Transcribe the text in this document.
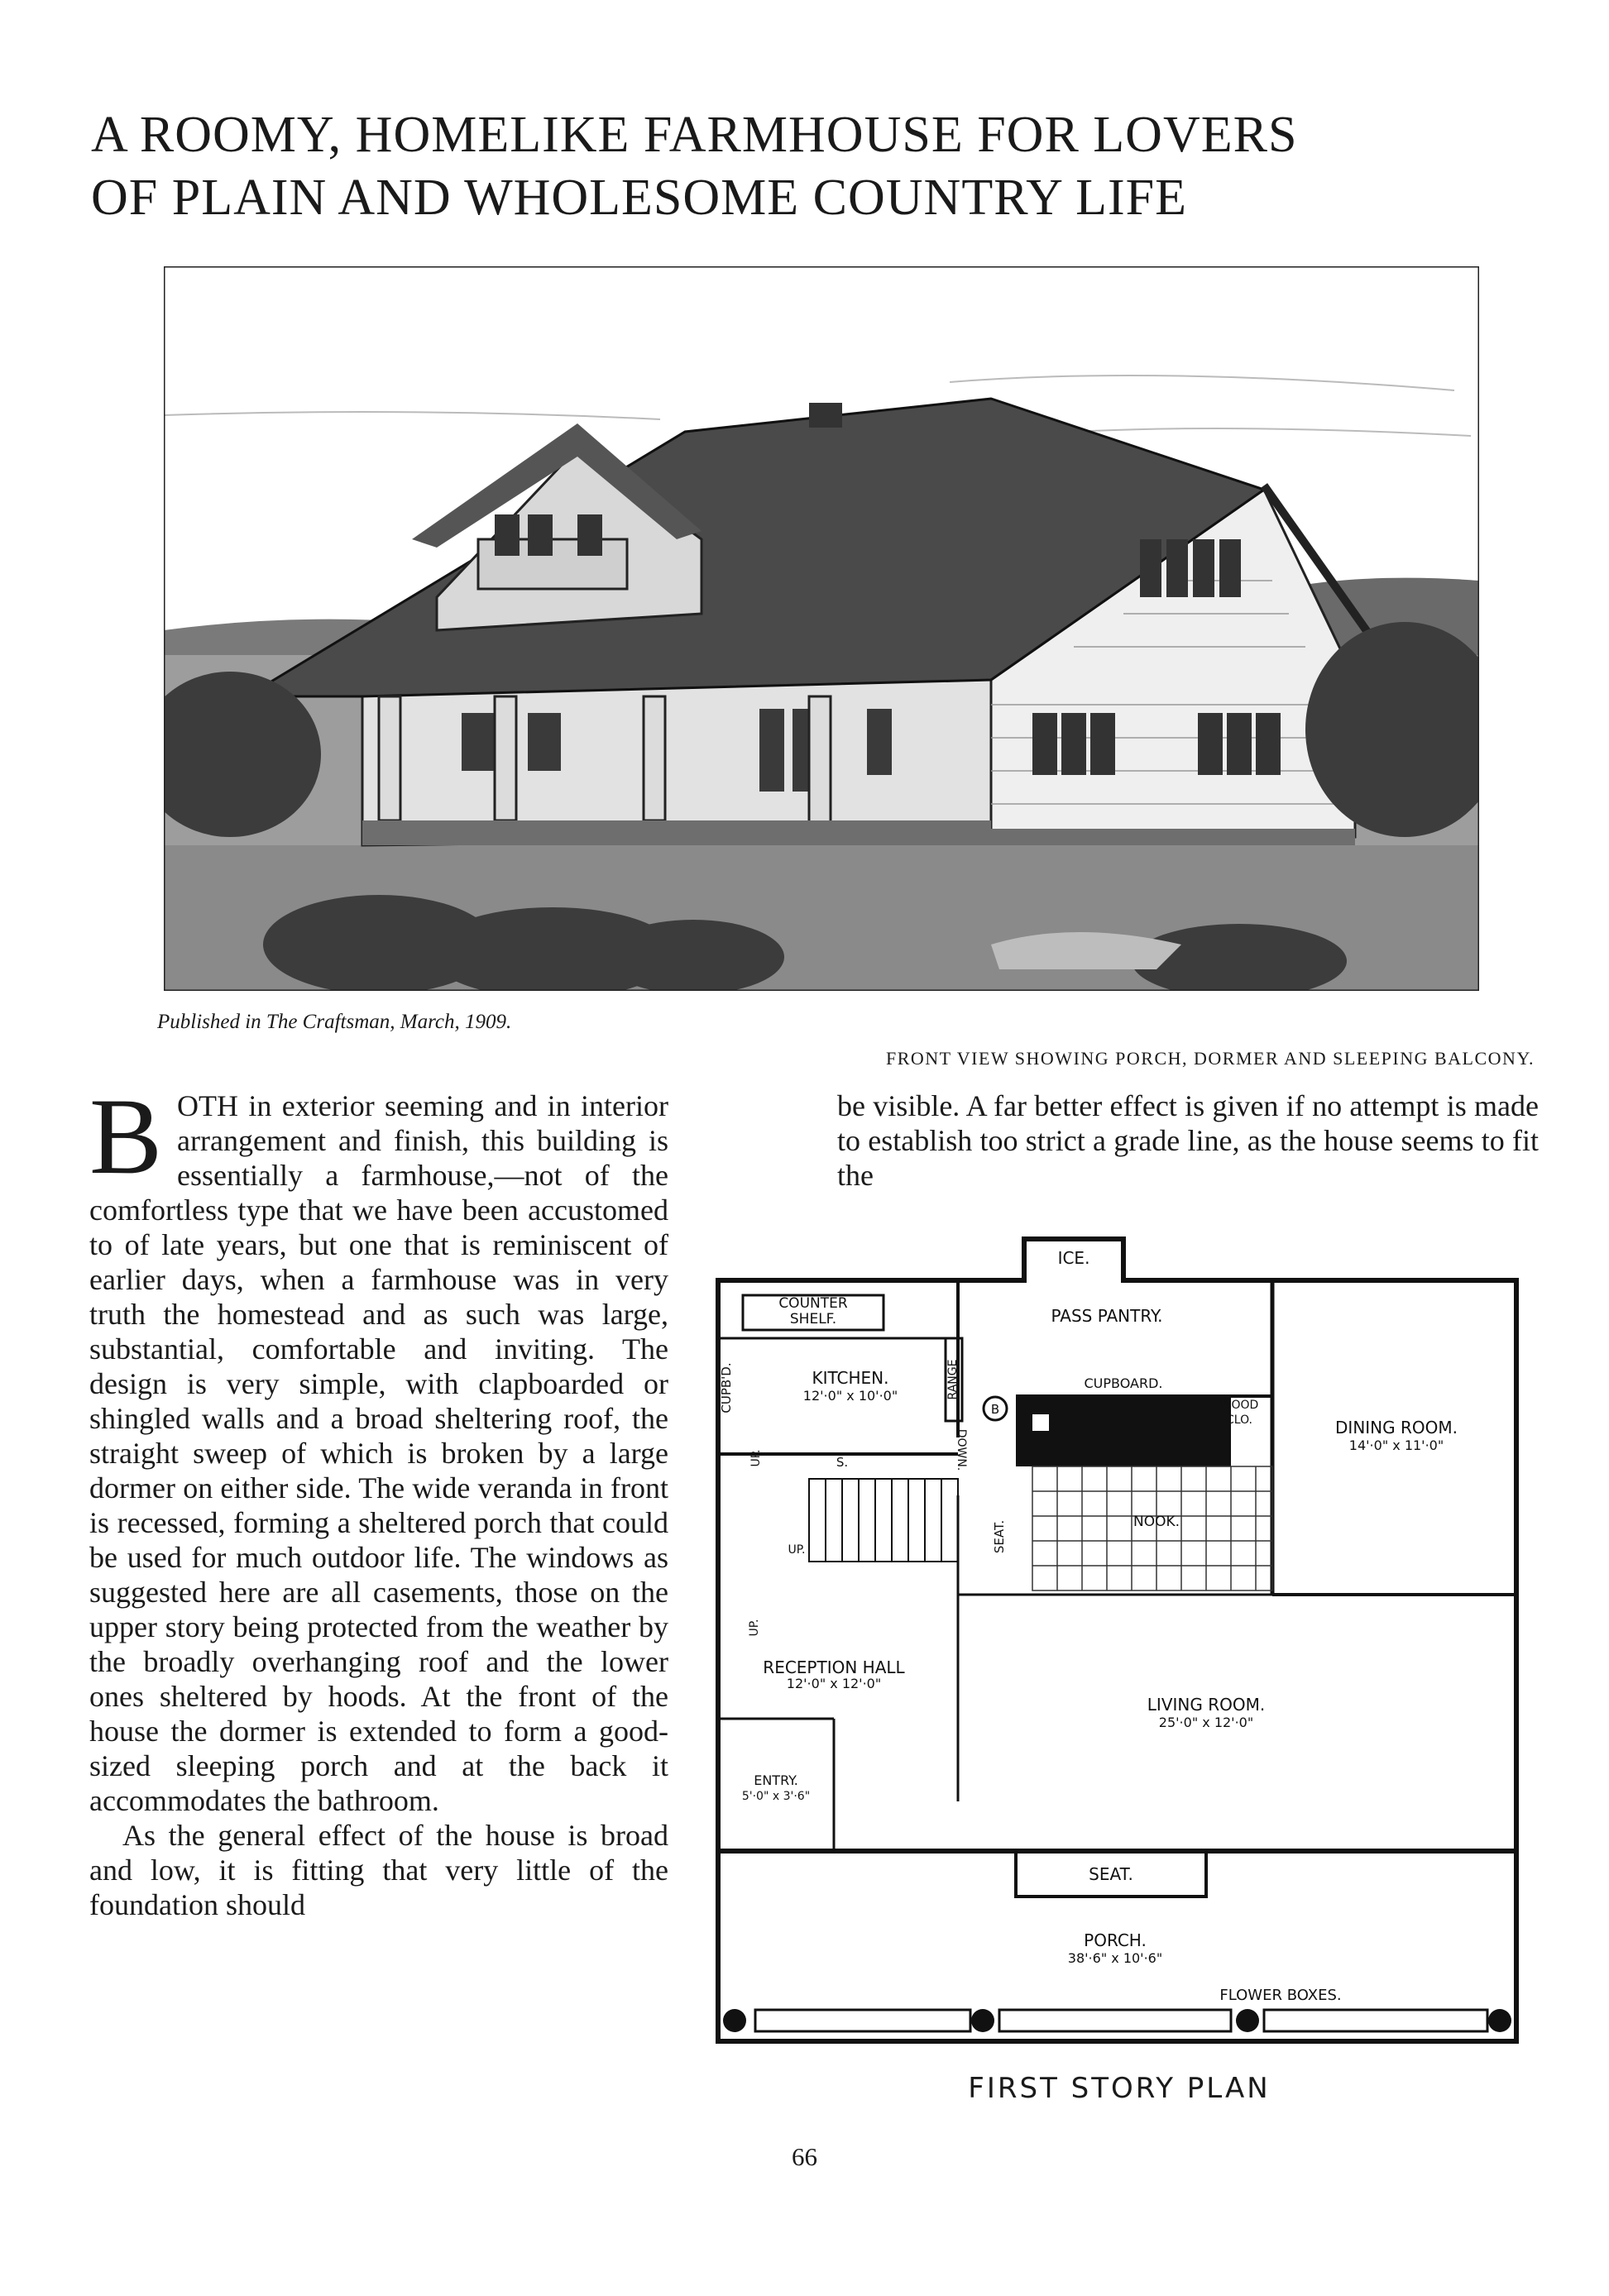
A ROOMY, HOMELIKE FARMHOUSE FOR LOVERS
OF PLAIN AND WHOLESOME COUNTRY LIFE
Published in The Craftsman, March, 1909.
FRONT VIEW SHOWING PORCH, DORMER AND SLEEPING BALCONY.

BOTH in exterior seeming and in interior arrangement and finish, this building is essentially a farmhouse,—not of the comfortless type that we have been accustomed to of late years, but one that is reminiscent of earlier days, when a farmhouse was in very truth the homestead and as such was large, substantial, comfortable and inviting. The design is very simple, with clapboarded or shingled walls and a broad sheltering roof, the straight sweep of which is broken by a large dormer on either side. The wide veranda in front is recessed, forming a sheltered porch that could be used for much outdoor life. The windows as suggested here are all casements, those on the upper story being protected from the weather by the broadly overhanging roof and the lower ones sheltered by hoods. At the front of the house the dormer is extended to form a good-sized sleeping porch and at the back it accommodates the bathroom.

As the general effect of the house is broad and low, it is fitting that very little of the foundation should

be visible. A far better effect is given if no attempt is made to establish too strict a grade line, as the house seems to fit the

ICE.
COUNTER
SHELF.
CUPB'D.
PASS PANTRY.
KITCHEN.
12'·0" x 10'·0"	RANGE
B
CUPBOARD.
WOOD
CLO.	DINING ROOM.
14'·0" x 11'·0"
UP.	S.	DOWN.
SEAT.	NOOK.
UP.
UP.
RECEPTION HALL
12'·0" x 12'·0"
LIVING ROOM.
25'·0" x 12'·0"
ENTRY.
5'·0" x 3'·6"
SEAT.
PORCH.
38'·6" x 10'·6"
FLOWER BOXES.
FIRST STORY PLAN
66
